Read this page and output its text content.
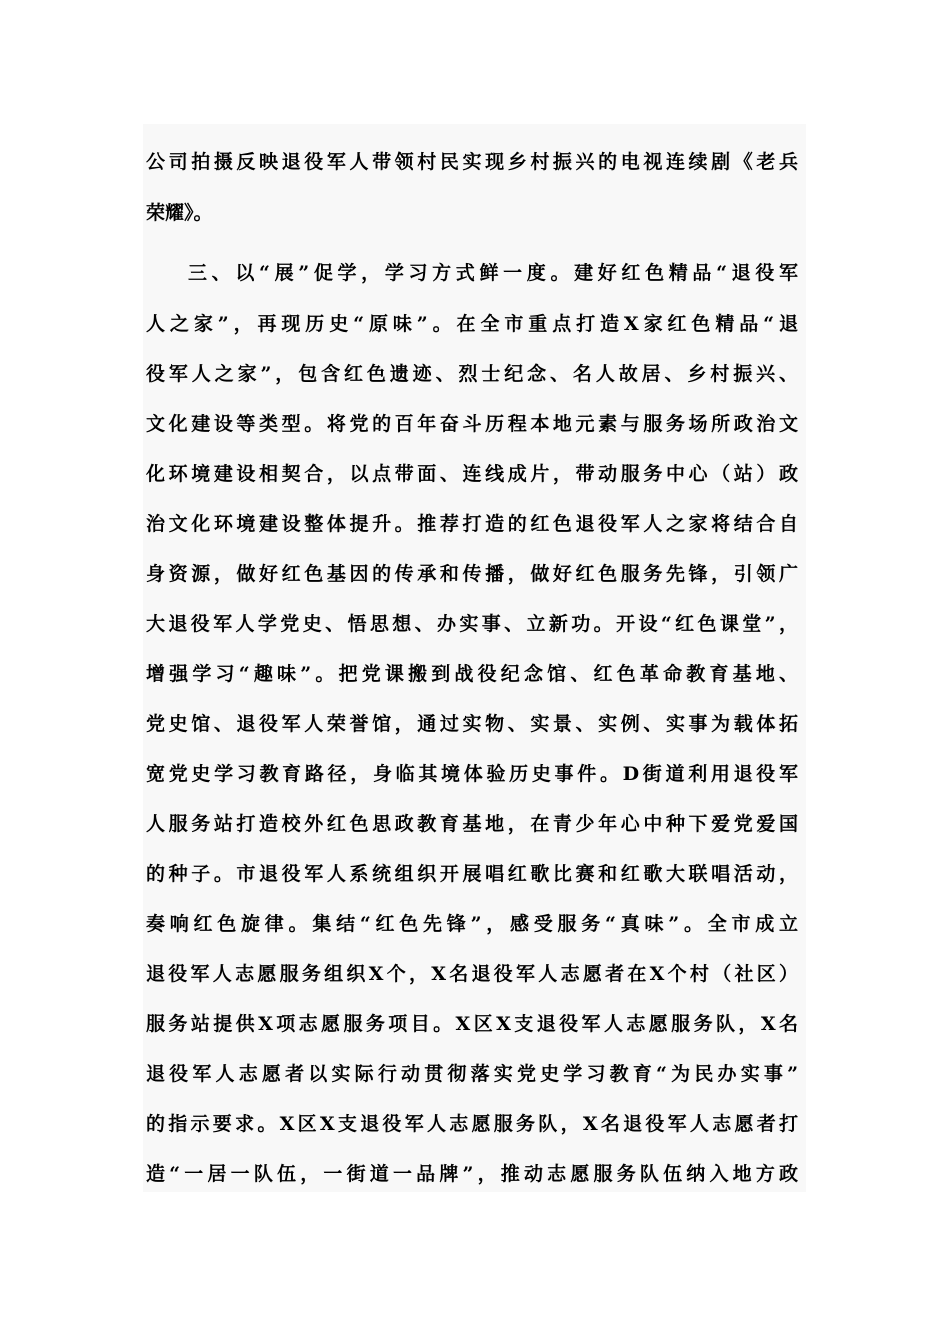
公司拍摄反映退役军人带领村民实现乡村振兴的电视连续剧《老兵

荣耀》。

三、以“展”促学，学习方式鲜一度。建好红色精品“退役军

人之家”，再现历史“原味”。在全市重点打造X家红色精品“退

役军人之家”，包含红色遗迹、烈士纪念、名人故居、乡村振兴、

文化建设等类型。将党的百年奋斗历程本地元素与服务场所政治文

化环境建设相契合，以点带面、连线成片，带动服务中心（站）政

治文化环境建设整体提升。推荐打造的红色退役军人之家将结合自

身资源，做好红色基因的传承和传播，做好红色服务先锋，引领广

大退役军人学党史、悟思想、办实事、立新功。开设“红色课堂”，

增强学习“趣味”。把党课搬到战役纪念馆、红色革命教育基地、

党史馆、退役军人荣誉馆，通过实物、实景、实例、实事为载体拓

宽党史学习教育路径，身临其境体验历史事件。D街道利用退役军

人服务站打造校外红色思政教育基地，在青少年心中种下爱党爱国

的种子。市退役军人系统组织开展唱红歌比赛和红歌大联唱活动，

奏响红色旋律。集结“红色先锋”，感受服务“真味”。全市成立

退役军人志愿服务组织X个，X名退役军人志愿者在X个村（社区）

服务站提供X项志愿服务项目。X区X支退役军人志愿服务队，X名

退役军人志愿者以实际行动贯彻落实党史学习教育“为民办实事”

的指示要求。X区X支退役军人志愿服务队，X名退役军人志愿者打

造“一居一队伍，一街道一品牌”，推动志愿服务队伍纳入地方政
